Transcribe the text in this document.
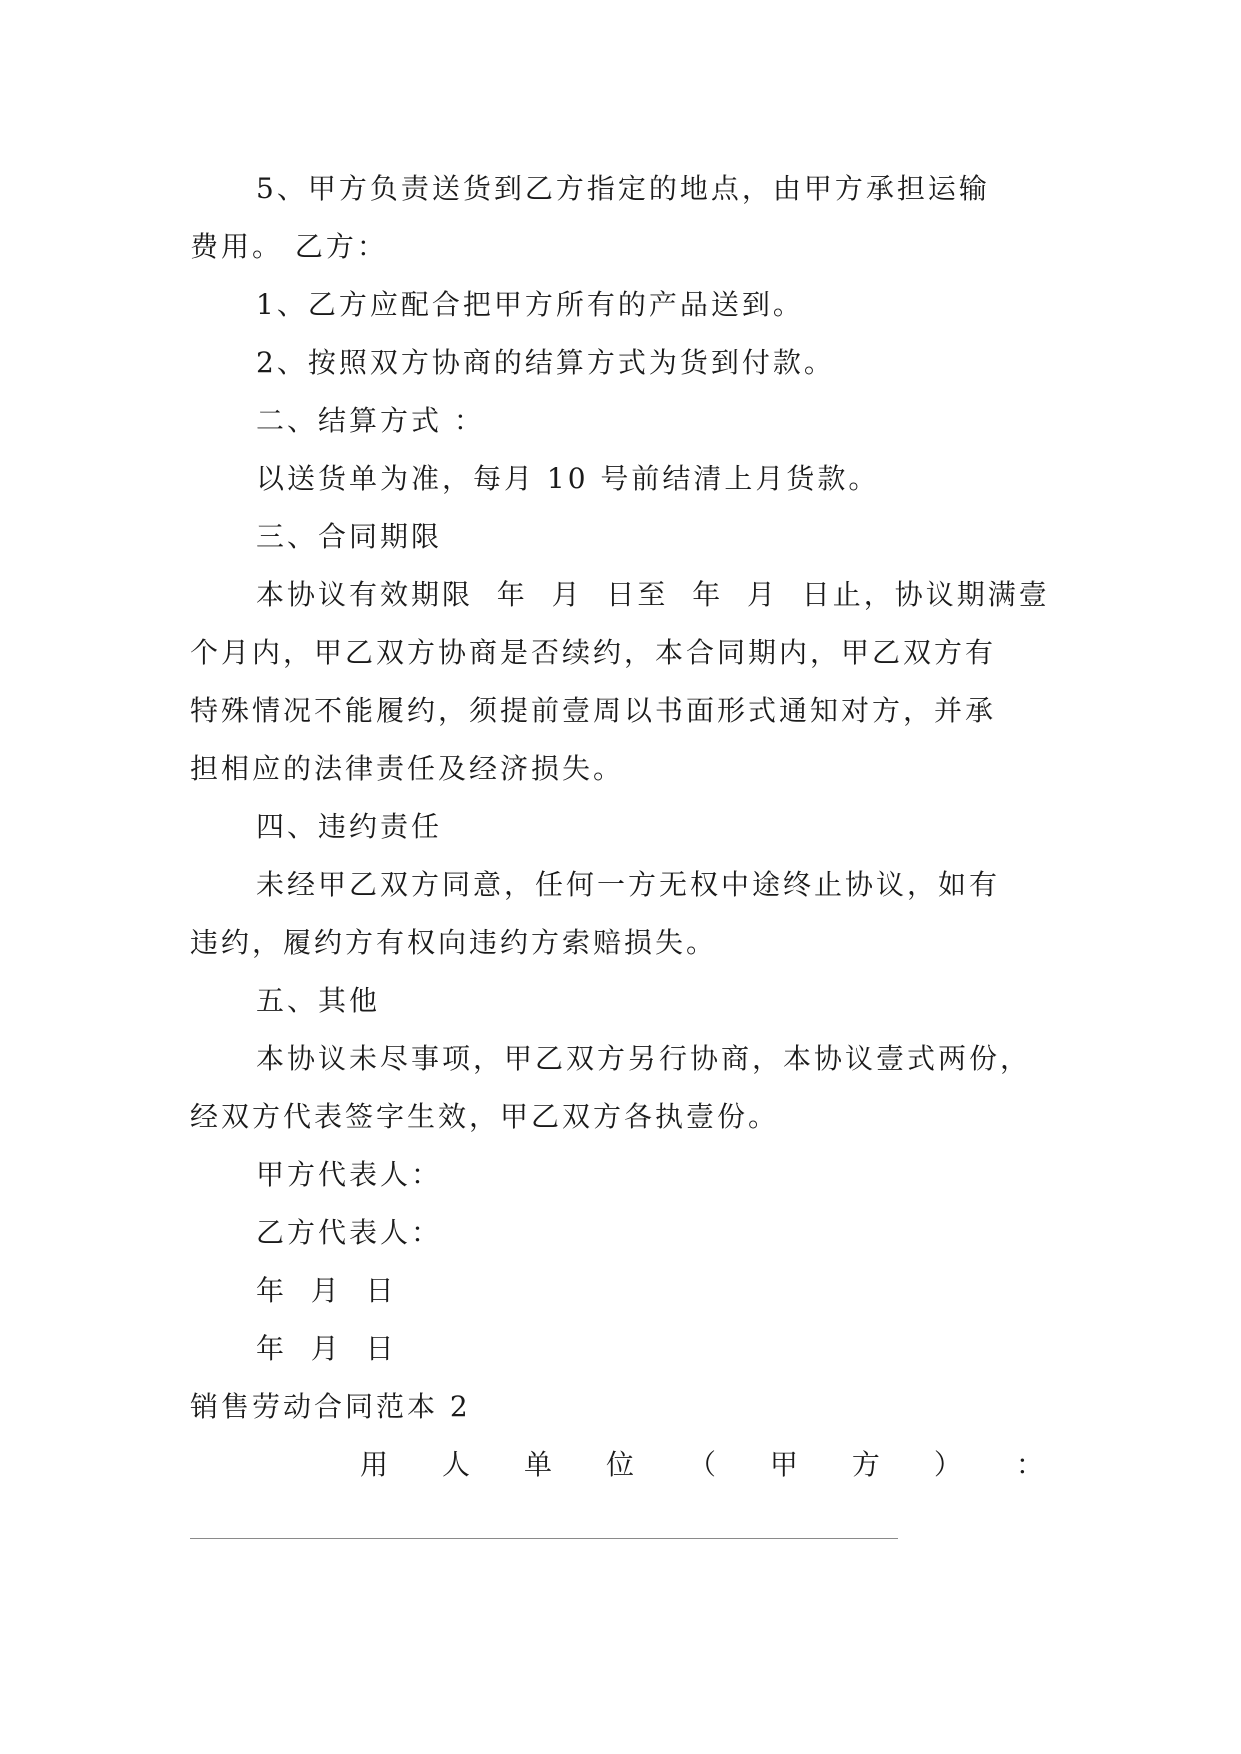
5、甲方负责送货到乙方指定的地点，由甲方承担运输
费用。 乙方：
1、乙方应配合把甲方所有的产品送到。
2、按照双方协商的结算方式为货到付款。
二、结算方式 ：
以送货单为准，每月 10 号前结清上月货款。
三、合同期限
本协议有效期限  年  月  日至  年  月  日止，协议期满壹
个月内，甲乙双方协商是否续约，本合同期内，甲乙双方有
特殊情况不能履约，须提前壹周以书面形式通知对方，并承
担相应的法律责任及经济损失。
四、违约责任
未经甲乙双方同意，任何一方无权中途终止协议，如有
违约，履约方有权向违约方索赔损失。
五、其他
本协议未尽事项，甲乙双方另行协商，本协议壹式两份，
经双方代表签字生效，甲乙双方各执壹份。
甲方代表人：
乙方代表人：
年  月  日
年  月  日
销售劳动合同范本 2
用 人 单 位 （ 甲 方 ） ：
